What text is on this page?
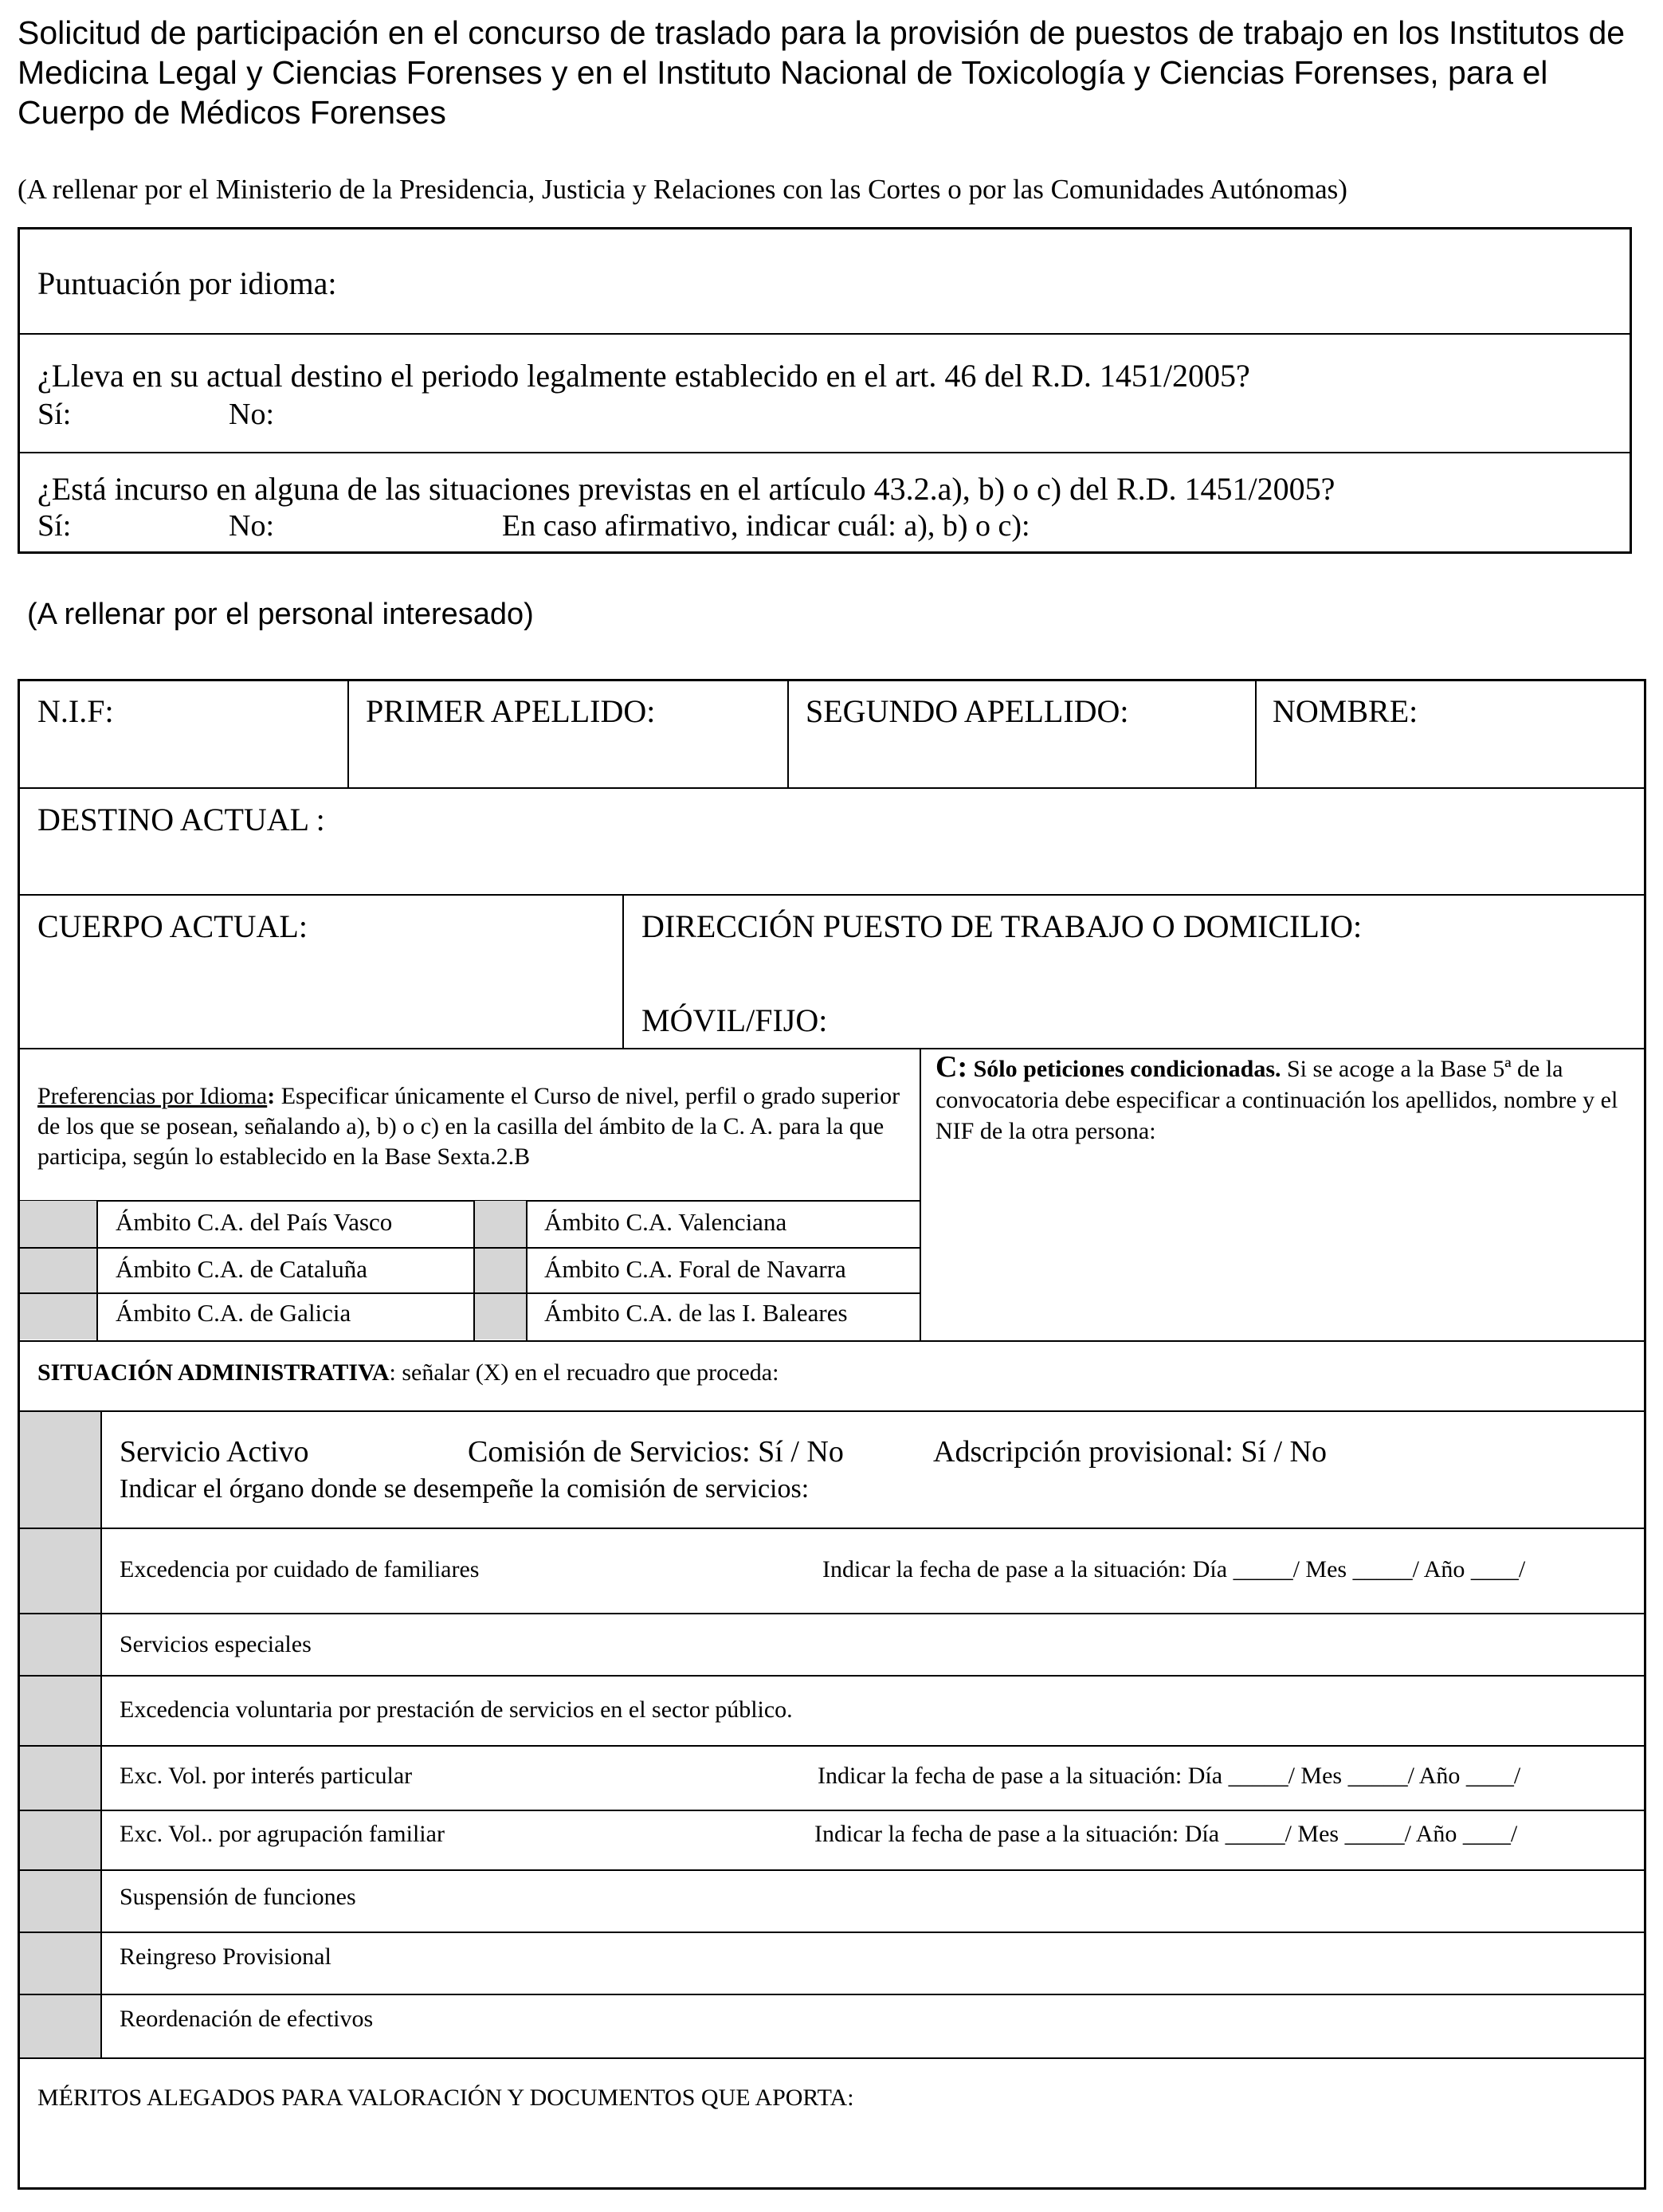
Solicitud de participación en el concurso de traslado para la provisión de puestos de trabajo en los Institutos de Medicina Legal y Ciencias Forenses y en el Instituto Nacional de Toxicología y Ciencias Forenses, para el Cuerpo de Médicos Forenses
(A rellenar por el Ministerio de la Presidencia, Justicia y Relaciones con las Cortes o por las Comunidades Autónomas)
Puntuación por idioma:
¿Lleva en su actual destino el periodo legalmente establecido en el art. 46 del R.D. 1451/2005?
Sí:	No:
¿Está incurso en alguna de las situaciones previstas en el artículo 43.2.a), b) o c) del R.D. 1451/2005?
Sí:	No:	En caso afirmativo, indicar cuál: a), b) o c):
(A rellenar por el personal interesado)
N.I.F:	PRIMER APELLIDO:	SEGUNDO APELLIDO:	NOMBRE:
DESTINO ACTUAL :
CUERPO ACTUAL:	DIRECCIÓN PUESTO DE TRABAJO O DOMICILIO:
MÓVIL/FIJO:
Preferencias por Idioma: Especificar únicamente el Curso de nivel, perfil o grado superior de los que se posean, señalando a), b) o c) en la casilla del ámbito de la C. A. para la que participa, según lo establecido en la Base Sexta.2.B
C: Sólo peticiones condicionadas. Si se acoge a la Base 5ª de la convocatoria debe especificar a continuación los apellidos, nombre y el NIF de la otra persona:
Ámbito C.A. del País Vasco	Ámbito C.A. Valenciana
Ámbito C.A. de Cataluña	Ámbito C.A. Foral de Navarra
Ámbito C.A. de Galicia	Ámbito C.A. de las I. Baleares
SITUACIÓN ADMINISTRATIVA: señalar (X) en el recuadro que proceda:
Servicio Activo	Comisión de Servicios: Sí / No	Adscripción provisional: Sí / No
Indicar el órgano donde se desempeñe la comisión de servicios:
Excedencia por cuidado de familiares	Indicar la fecha de pase a la situación: Día _____/ Mes _____/ Año ____/
Servicios especiales
Excedencia voluntaria por prestación de servicios en el sector público.
Exc. Vol. por interés particular	Indicar la fecha de pase a la situación: Día _____/ Mes _____/ Año ____/
Exc. Vol.. por agrupación familiar	Indicar la fecha de pase a la situación: Día _____/ Mes _____/ Año ____/
Suspensión de funciones
Reingreso Provisional
Reordenación de efectivos
MÉRITOS ALEGADOS PARA VALORACIÓN Y DOCUMENTOS QUE APORTA:
